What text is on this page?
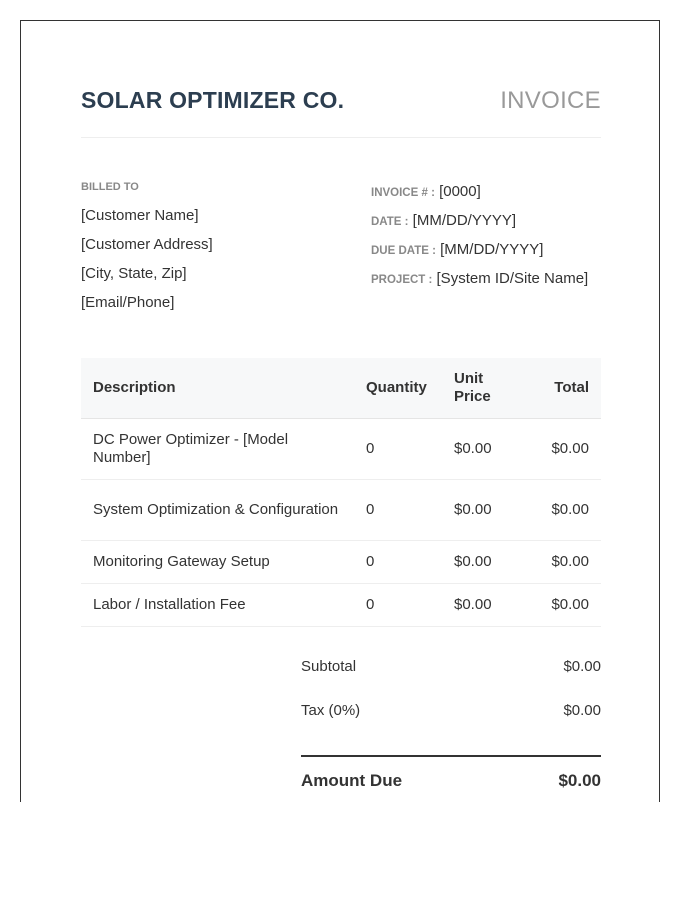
SOLAR OPTIMIZER CO.	INVOICE
BILLED TO
[Customer Name]
[Customer Address]
[City, State, Zip]
[Email/Phone]
INVOICE # : [0000]
DATE : [MM/DD/YYYY]
DUE DATE : [MM/DD/YYYY]
PROJECT : [System ID/Site Name]
Description	Quantity	Unit Price	Total
DC Power Optimizer - [Model Number]	0	$0.00	$0.00
System Optimization & Configuration	0	$0.00	$0.00
Monitoring Gateway Setup	0	$0.00	$0.00
Labor / Installation Fee	0	$0.00	$0.00
Subtotal	$0.00
Tax (0%)	$0.00
Amount Due	$0.00
